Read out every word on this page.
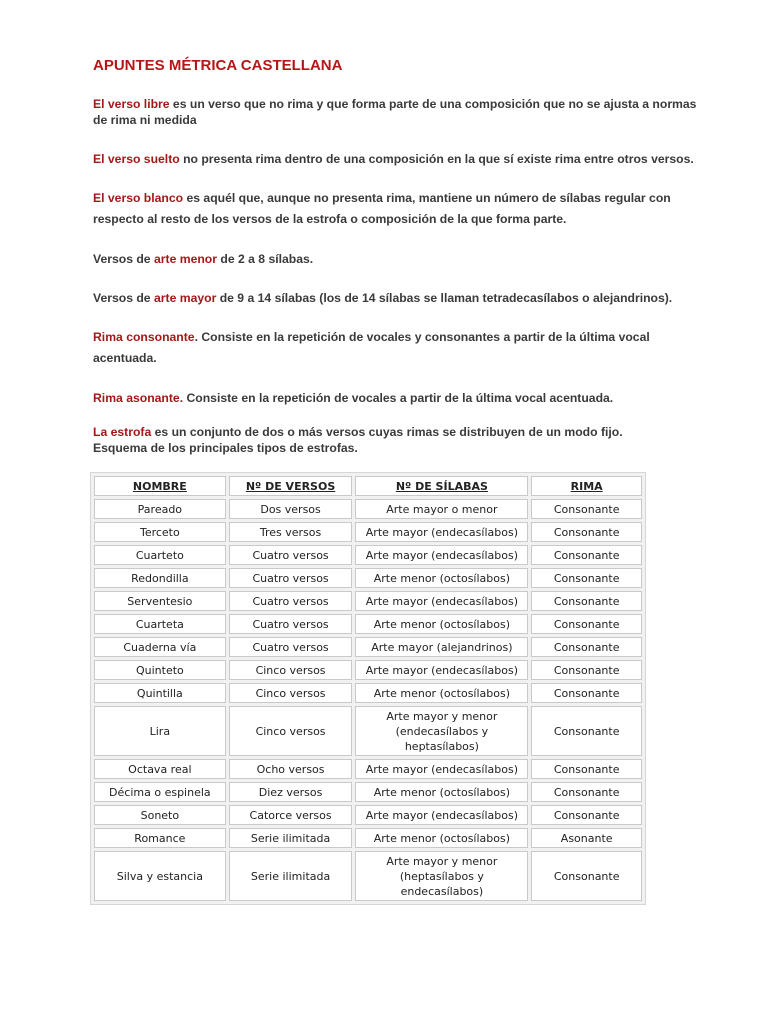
APUNTES MÉTRICA CASTELLANA
El verso libre es un verso que no rima y que forma parte de una composición que no se ajusta a normas de rima ni medida
El verso suelto no presenta rima dentro de una composición en la que sí existe rima entre otros versos.
El verso blanco es aquél que, aunque no presenta rima, mantiene un número de sílabas regular con respecto al resto de los versos de la estrofa o composición de la que forma parte.
Versos de arte menor de 2 a 8 sílabas.
Versos de arte mayor de 9 a 14 sílabas (los de 14 sílabas se llaman tetradecasílabos o alejandrinos).
Rima consonante. Consiste en la repetición de vocales y consonantes a partir de la última vocal acentuada.
Rima asonante. Consiste en la repetición de vocales a partir de la última vocal acentuada.
La estrofa es un conjunto de dos o más versos cuyas rimas se distribuyen de un modo fijo.
Esquema de los principales tipos de estrofas.
NOMBRE	Nº DE VERSOS	Nº DE SÍLABAS	RIMA
Pareado	Dos versos	Arte mayor o menor	Consonante
Terceto	Tres versos	Arte mayor (endecasílabos)	Consonante
Cuarteto	Cuatro versos	Arte mayor (endecasílabos)	Consonante
Redondilla	Cuatro versos	Arte menor (octosílabos)	Consonante
Serventesio	Cuatro versos	Arte mayor (endecasílabos)	Consonante
Cuarteta	Cuatro versos	Arte menor (octosílabos)	Consonante
Cuaderna vía	Cuatro versos	Arte mayor (alejandrinos)	Consonante
Quinteto	Cinco versos	Arte mayor (endecasílabos)	Consonante
Quintilla	Cinco versos	Arte menor (octosílabos)	Consonante
Lira	Cinco versos	Arte mayor y menor (endecasílabos y heptasílabos)	Consonante
Octava real	Ocho versos	Arte mayor (endecasílabos)	Consonante
Décima o espinela	Diez versos	Arte menor (octosílabos)	Consonante
Soneto	Catorce versos	Arte mayor (endecasílabos)	Consonante
Romance	Serie ilimitada	Arte menor (octosílabos)	Asonante
Silva y estancia	Serie ilimitada	Arte mayor y menor (heptasílabos y endecasílabos)	Consonante
